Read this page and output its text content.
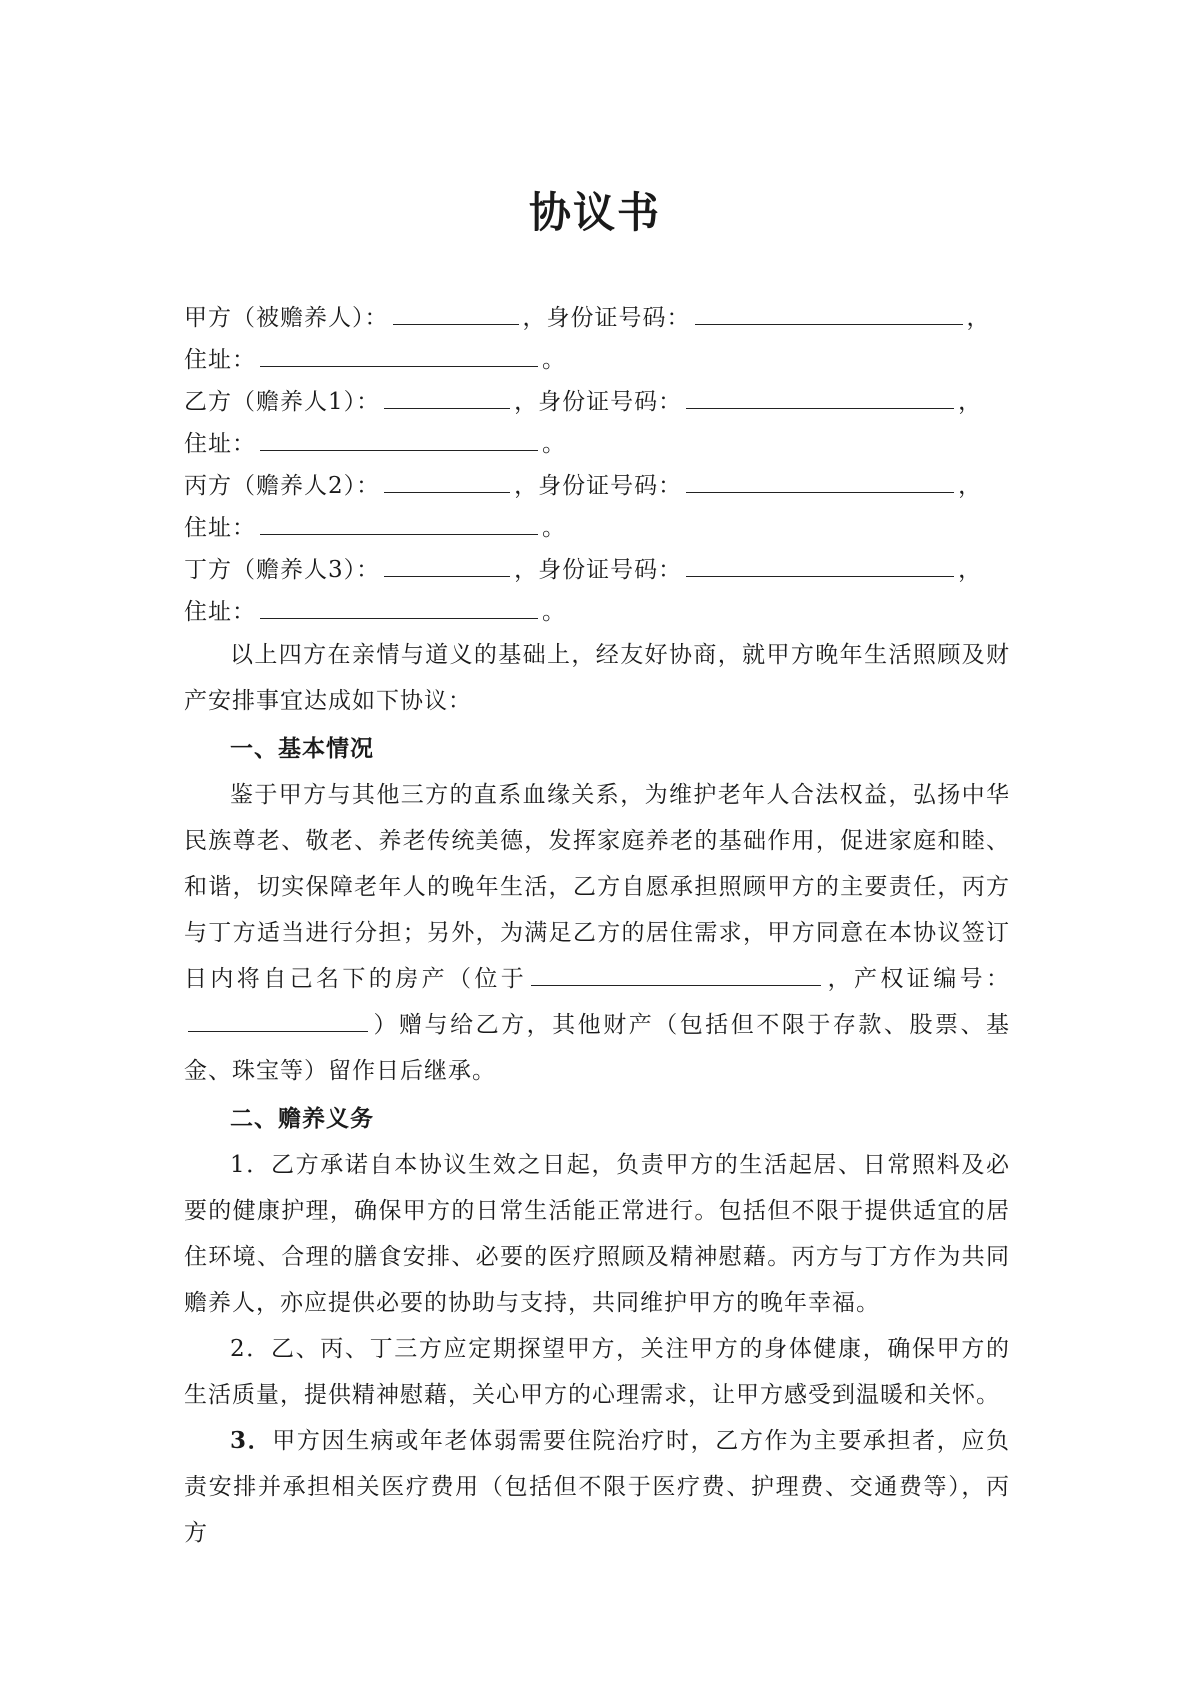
协议书
甲方（被赡养人）：	，身份证号码：	，
住址：	。
乙方（赡养人1）：	，身份证号码：	，
住址：	。
丙方（赡养人2）：	，身份证号码：	，
住址：	。
丁方（赡养人3）：	，身份证号码：	，
住址：	。

以上四方在亲情与道义的基础上，经友好协商，就甲方晚年生活照顾及财产安排事宜达成如下协议：

一、基本情况

鉴于甲方与其他三方的直系血缘关系，为维护老年人合法权益，弘扬中华民族尊老、敬老、养老传统美德，发挥家庭养老的基础作用，促进家庭和睦、和谐，切实保障老年人的晚年生活，乙方自愿承担照顾甲方的主要责任，丙方与丁方适当进行分担；另外，为满足乙方的居住需求，甲方同意在本协议签订日内将自己名下的房产（位于	，产权证编号：）赠与给乙方，其他财产（包括但不限于存款、股票、基金、珠宝等）留作日后继承。

二、赡养义务

1．乙方承诺自本协议生效之日起，负责甲方的生活起居、日常照料及必要的健康护理，确保甲方的日常生活能正常进行。包括但不限于提供适宜的居住环境、合理的膳食安排、必要的医疗照顾及精神慰藉。丙方与丁方作为共同赡养人，亦应提供必要的协助与支持，共同维护甲方的晚年幸福。

2．乙、丙、丁三方应定期探望甲方，关注甲方的身体健康，确保甲方的生活质量，提供精神慰藉，关心甲方的心理需求，让甲方感受到温暖和关怀。

3．甲方因生病或年老体弱需要住院治疗时，乙方作为主要承担者，应负责安排并承担相关医疗费用（包括但不限于医疗费、护理费、交通费等），丙方
